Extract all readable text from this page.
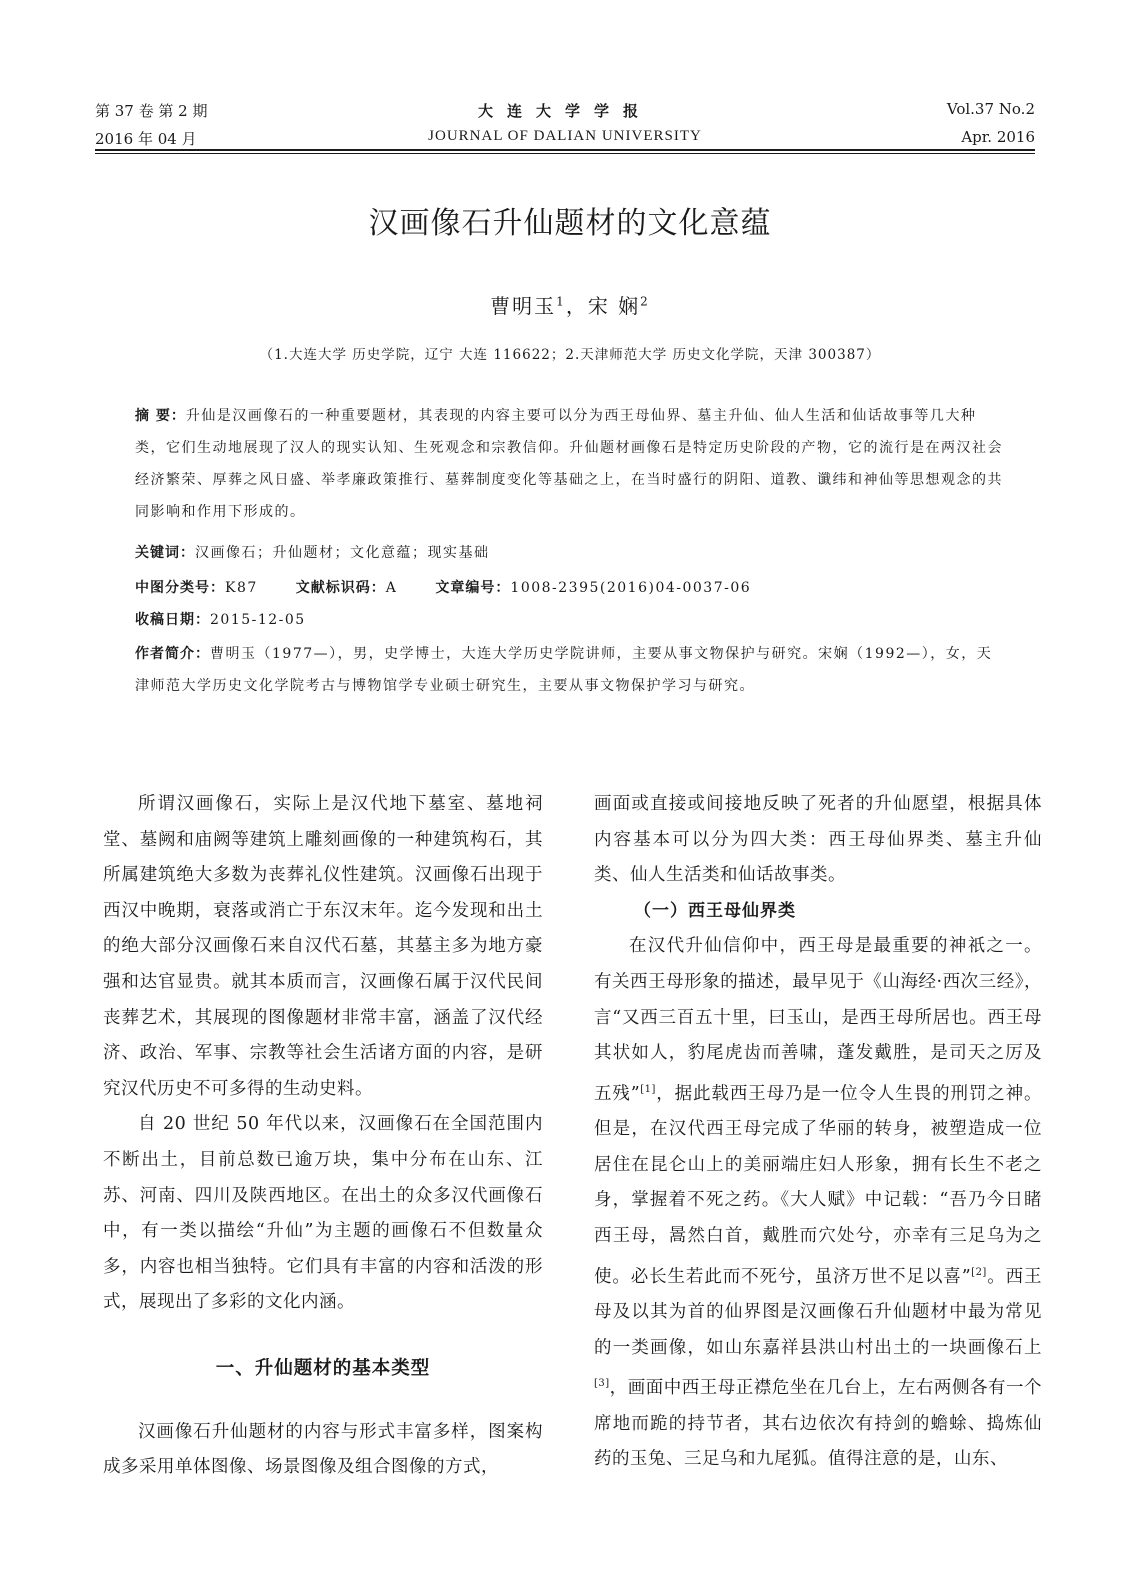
第 37 卷 第 2 期	大连大学学报	Vol.37 No.2
2016 年 04 月	JOURNAL OF DALIAN UNIVERSITY	Apr. 2016
汉画像石升仙题材的文化意蕴
曹明玉$^1$，宋 娴$^2$
（1.大连大学 历史学院，辽宁 大连 116622；2.天津师范大学 历史文化学院，天津 300387）
摘 要：升仙是汉画像石的一种重要题材，其表现的内容主要可以分为西王母仙界、墓主升仙、仙人生活和仙话故事等几大种类，它们生动地展现了汉人的现实认知、生死观念和宗教信仰。升仙题材画像石是特定历史阶段的产物，它的流行是在两汉社会经济繁荣、厚葬之风日盛、举孝廉政策推行、墓葬制度变化等基础之上，在当时盛行的阴阳、道教、谶纬和神仙等思想观念的共同影响和作用下形成的。
关键词：汉画像石；升仙题材；文化意蕴；现实基础
中图分类号：K87	文献标识码：A	文章编号：1008-2395(2016)04-0037-06
收稿日期：2015-12-05
作者简介：曹明玉（1977—），男，史学博士，大连大学历史学院讲师，主要从事文物保护与研究。宋娴（1992—），女，天津师范大学历史文化学院考古与博物馆学专业硕士研究生，主要从事文物保护学习与研究。

所谓汉画像石，实际上是汉代地下墓室、墓地祠堂、墓阙和庙阙等建筑上雕刻画像的一种建筑构石，其所属建筑绝大多数为丧葬礼仪性建筑。汉画像石出现于西汉中晚期，衰落或消亡于东汉末年。迄今发现和出土的绝大部分汉画像石来自汉代石墓，其墓主多为地方豪强和达官显贵。就其本质而言，汉画像石属于汉代民间丧葬艺术，其展现的图像题材非常丰富，涵盖了汉代经济、政治、军事、宗教等社会生活诸方面的内容，是研究汉代历史不可多得的生动史料。

自 20 世纪 50 年代以来，汉画像石在全国范围内不断出土，目前总数已逾万块，集中分布在山东、江苏、河南、四川及陕西地区。在出土的众多汉代画像石中，有一类以描绘“升仙”为主题的画像石不但数量众多，内容也相当独特。它们具有丰富的内容和活泼的形式，展现出了多彩的文化内涵。

一、升仙题材的基本类型

汉画像石升仙题材的内容与形式丰富多样，图案构成多采用单体图像、场景图像及组合图像的方式，

画面或直接或间接地反映了死者的升仙愿望，根据具体内容基本可以分为四大类：西王母仙界类、墓主升仙类、仙人生活类和仙话故事类。

（一）西王母仙界类

在汉代升仙信仰中，西王母是最重要的神祇之一。有关西王母形象的描述，最早见于《山海经·西次三经》，言“又西三百五十里，曰玉山，是西王母所居也。西王母其状如人，豹尾虎齿而善啸，蓬发戴胜，是司天之厉及五残”[1]，据此载西王母乃是一位令人生畏的刑罚之神。但是，在汉代西王母完成了华丽的转身，被塑造成一位居住在昆仑山上的美丽端庄妇人形象，拥有长生不老之身，掌握着不死之药。《大人赋》中记载：“吾乃今日睹西王母，暠然白首，戴胜而穴处兮，亦幸有三足乌为之使。必长生若此而不死兮，虽济万世不足以喜”[2]。西王母及以其为首的仙界图是汉画像石升仙题材中最为常见的一类画像，如山东嘉祥县洪山村出土的一块画像石上[3]，画面中西王母正襟危坐在几台上，左右两侧各有一个席地而跪的持节者，其右边依次有持剑的蟾蜍、捣炼仙药的玉兔、三足乌和九尾狐。值得注意的是，山东、
